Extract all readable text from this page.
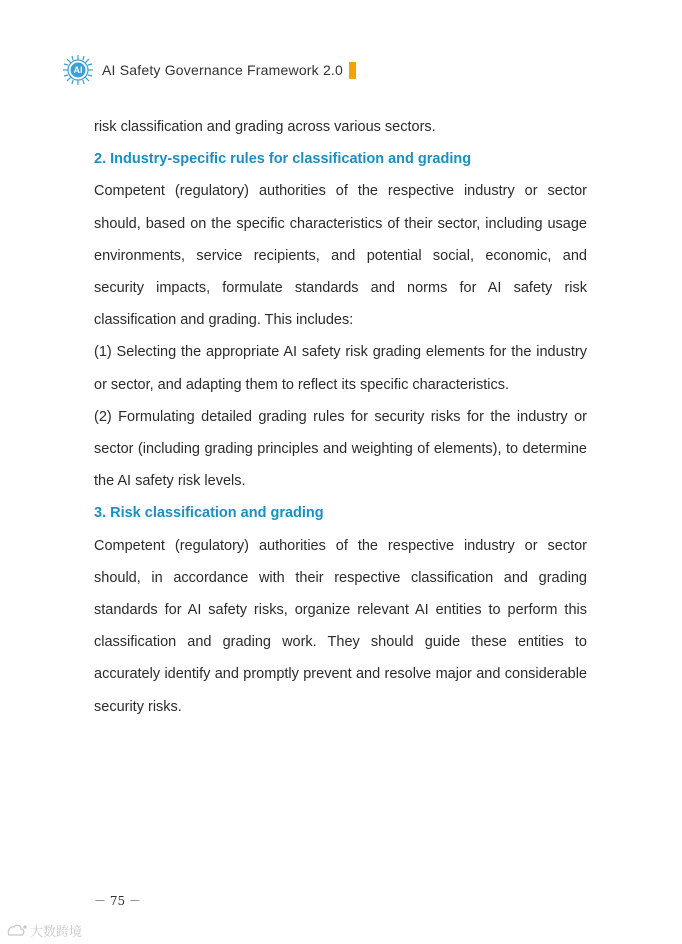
AI AI Safety Governance Framework 2.0

risk classification and grading across various sectors.

2. Industry-specific rules for classification and grading

Competent (regulatory) authorities of the respective industry or sector should, based on the specific characteristics of their sector, including usage environments, service recipients, and potential social, economic, and security impacts, formulate standards and norms for AI safety risk classification and grading. This includes:

(1) Selecting the appropriate AI safety risk grading elements for the industry or sector, and adapting them to reflect its specific characteristics.

(2) Formulating detailed grading rules for security risks for the industry or sector (including grading principles and weighting of elements), to determine the AI safety risk levels.

3. Risk classification and grading

Competent (regulatory) authorities of the respective industry or sector should, in accordance with their respective classification and grading standards for AI safety risks, organize relevant AI entities to perform this classification and grading work. They should guide these entities to accurately identify and promptly prevent and resolve major and considerable security risks.

－ 75 －
大数跨境
